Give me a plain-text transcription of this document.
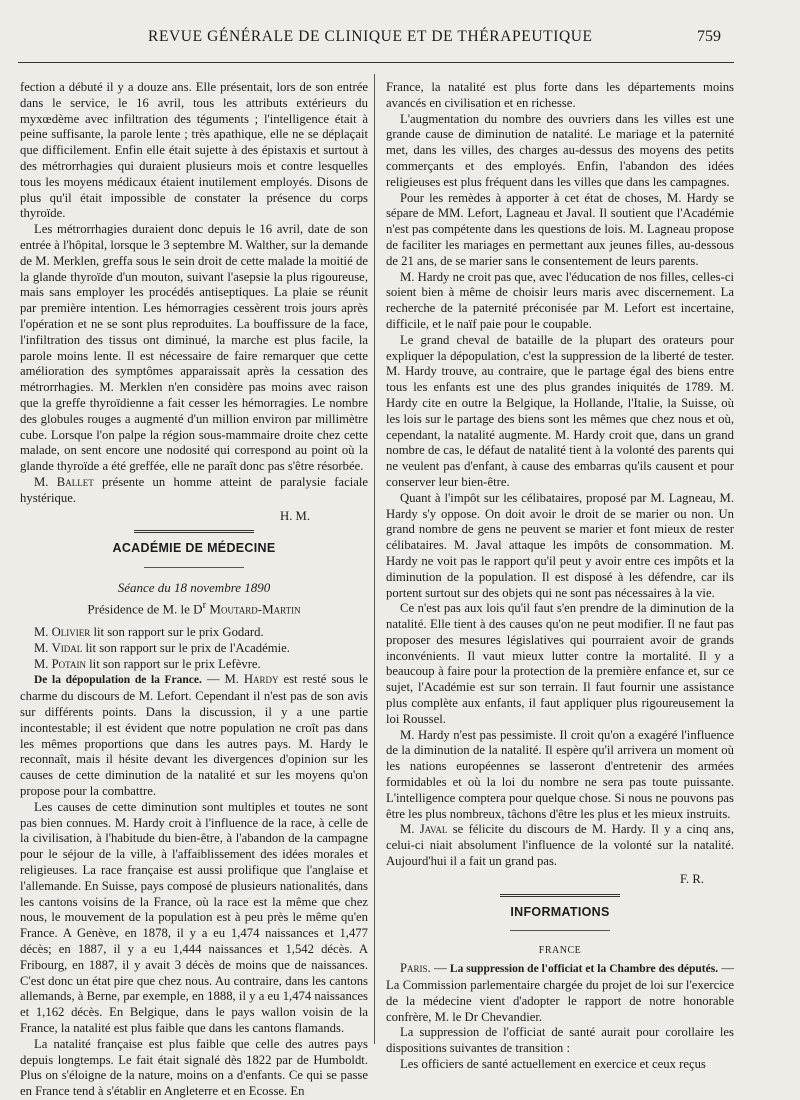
REVUE GÉNÉRALE DE CLINIQUE ET DE THÉRAPEUTIQUE	759

fection a débuté il y a douze ans. Elle présentait, lors de son entrée dans le service, le 16 avril, tous les attributs extérieurs du myxœdème avec infiltration des téguments ; l'intelligence était à peine suffisante, la parole lente ; très apathique, elle ne se déplaçait que difficilement. Enfin elle était sujette à des épistaxis et surtout à des métrorrhagies qui duraient plusieurs mois et contre lesquelles tous les moyens médicaux étaient inutilement employés. Disons de plus qu'il était impossible de constater la présence du corps thyroïde.

Les métrorrhagies duraient donc depuis le 16 avril, date de son entrée à l'hôpital, lorsque le 3 septembre M. Walther, sur la demande de M. Merklen, greffa sous le sein droit de cette malade la moitié de la glande thyroïde d'un mouton, suivant l'asepsie la plus rigoureuse, mais sans employer les procédés antiseptiques. La plaie se réunit par première intention. Les hémorragies cessèrent trois jours après l'opération et ne se sont plus reproduites. La bouffissure de la face, l'infiltration des tissus ont diminué, la marche est plus facile, la parole moins lente. Il est nécessaire de faire remarquer que cette amélioration des symptômes apparaissait après la cessation des métrorrhagies. M. Merklen n'en considère pas moins avec raison que la greffe thyroïdienne a fait cesser les hémorragies. Le nombre des globules rouges a augmenté d'un million environ par millimètre cube. Lorsque l'on palpe la région sous-mammaire droite chez cette malade, on sent encore une nodosité qui correspond au point où la glande thyroïde a été greffée, elle ne paraît donc pas s'être résorbée.

M. Ballet présente un homme atteint de paralysie faciale hystérique.

H. M.
ACADÉMIE DE MÉDECINE
Séance du 18 novembre 1890
Présidence de M. le $D^r$ Moutard-Martin

M. Olivier lit son rapport sur le prix Godard.

M. Vidal lit son rapport sur le prix de l'Académie.

M. Potain lit son rapport sur le prix Lefèvre.

De la dépopulation de la France. — M. Hardy est resté sous le charme du discours de M. Lefort. Cependant il n'est pas de son avis sur différents points. Dans la discussion, il y a une partie incontestable; il est évident que notre population ne croît pas dans les mêmes proportions que dans les autres pays. M. Hardy le reconnaît, mais il hésite devant les divergences d'opinion sur les causes de cette diminution de la natalité et sur les moyens qu'on propose pour la combattre.

Les causes de cette diminution sont multiples et toutes ne sont pas bien connues. M. Hardy croit à l'influence de la race, à celle de la civilisation, à l'habitude du bien-être, à l'abandon de la campagne pour le séjour de la ville, à l'affaiblissement des idées morales et religieuses. La race française est aussi prolifique que l'anglaise et l'allemande. En Suisse, pays composé de plusieurs nationalités, dans les cantons voisins de la France, où la race est la même que chez nous, le mouvement de la population est à peu près le même qu'en France. A Genève, en 1878, il y a eu 1,474 naissances et 1,477 décès; en 1887, il y a eu 1,444 naissances et 1,542 décès. A Fribourg, en 1887, il y avait 3 décès de moins que de naissances. C'est donc un état pire que chez nous. Au contraire, dans les cantons allemands, à Berne, par exemple, en 1888, il y a eu 1,474 naissances et 1,162 décès. En Belgique, dans le pays wallon voisin de la France, la natalité est plus faible que dans les cantons flamands.

La natalité française est plus faible que celle des autres pays depuis longtemps. Le fait était signalé dès 1822 par de Humboldt. Plus on s'éloigne de la nature, moins on a d'enfants. Ce qui se passe en France tend à s'établir en Angleterre et en Ecosse. En

France, la natalité est plus forte dans les départements moins avancés en civilisation et en richesse.

L'augmentation du nombre des ouvriers dans les villes est une grande cause de diminution de natalité. Le mariage et la paternité met, dans les villes, des charges au-dessus des moyens des petits commerçants et des employés. Enfin, l'abandon des idées religieuses est plus fréquent dans les villes que dans les campagnes.

Pour les remèdes à apporter à cet état de choses, M. Hardy se sépare de MM. Lefort, Lagneau et Javal. Il soutient que l'Académie n'est pas compétente dans les questions de lois. M. Lagneau propose de faciliter les mariages en permettant aux jeunes filles, au-dessous de 21 ans, de se marier sans le consentement de leurs parents.

M. Hardy ne croit pas que, avec l'éducation de nos filles, celles-ci soient bien à même de choisir leurs maris avec discernement. La recherche de la paternité préconisée par M. Lefort est incertaine, difficile, et le naïf paie pour le coupable.

Le grand cheval de bataille de la plupart des orateurs pour expliquer la dépopulation, c'est la suppression de la liberté de tester. M. Hardy trouve, au contraire, que le partage égal des biens entre tous les enfants est une des plus grandes iniquités de 1789. M. Hardy cite en outre la Belgique, la Hollande, l'Italie, la Suisse, où les lois sur le partage des biens sont les mêmes que chez nous et où, cependant, la natalité augmente. M. Hardy croit que, dans un grand nombre de cas, le défaut de natalité tient à la volonté des parents qui ne veulent pas d'enfant, à cause des embarras qu'ils causent et pour conserver leur bien-être.

Quant à l'impôt sur les célibataires, proposé par M. Lagneau, M. Hardy s'y oppose. On doit avoir le droit de se marier ou non. Un grand nombre de gens ne peuvent se marier et font mieux de rester célibataires. M. Javal attaque les impôts de consommation. M. Hardy ne voit pas le rapport qu'il peut y avoir entre ces impôts et la diminution de la population. Il est disposé à les défendre, car ils portent surtout sur des objets qui ne sont pas nécessaires à la vie.

Ce n'est pas aux lois qu'il faut s'en prendre de la diminution de la natalité. Elle tient à des causes qu'on ne peut modifier. Il ne faut pas proposer des mesures législatives qui pourraient avoir de grands inconvénients. Il vaut mieux lutter contre la mortalité. Il y a beaucoup à faire pour la protection de la première enfance et, sur ce sujet, l'Académie est sur son terrain. Il faut fournir une assistance plus complète aux enfants, il faut appliquer plus rigoureusement la loi Roussel.

M. Hardy n'est pas pessimiste. Il croit qu'on a exagéré l'influence de la diminution de la natalité. Il espère qu'il arrivera un moment où les nations européennes se lasseront d'entretenir des armées formidables et où la loi du nombre ne sera pas toute puissante. L'intelligence comptera pour quelque chose. Si nous ne pouvons pas être les plus nombreux, tâchons d'être les plus et les mieux instruits.

M. Javal se félicite du discours de M. Hardy. Il y a cinq ans, celui-ci niait absolument l'influence de la volonté sur la natalité. Aujourd'hui il a fait un grand pas.

F. R.
INFORMATIONS
FRANCE

Paris. — La suppression de l'officiat et la Chambre des députés. — La Commission parlementaire chargée du projet de loi sur l'exercice de la médecine vient d'adopter le rapport de notre honorable confrère, M. le Dr Chevandier.

La suppression de l'officiat de santé aurait pour corollaire les dispositions suivantes de transition :

Les officiers de santé actuellement en exercice et ceux reçus
